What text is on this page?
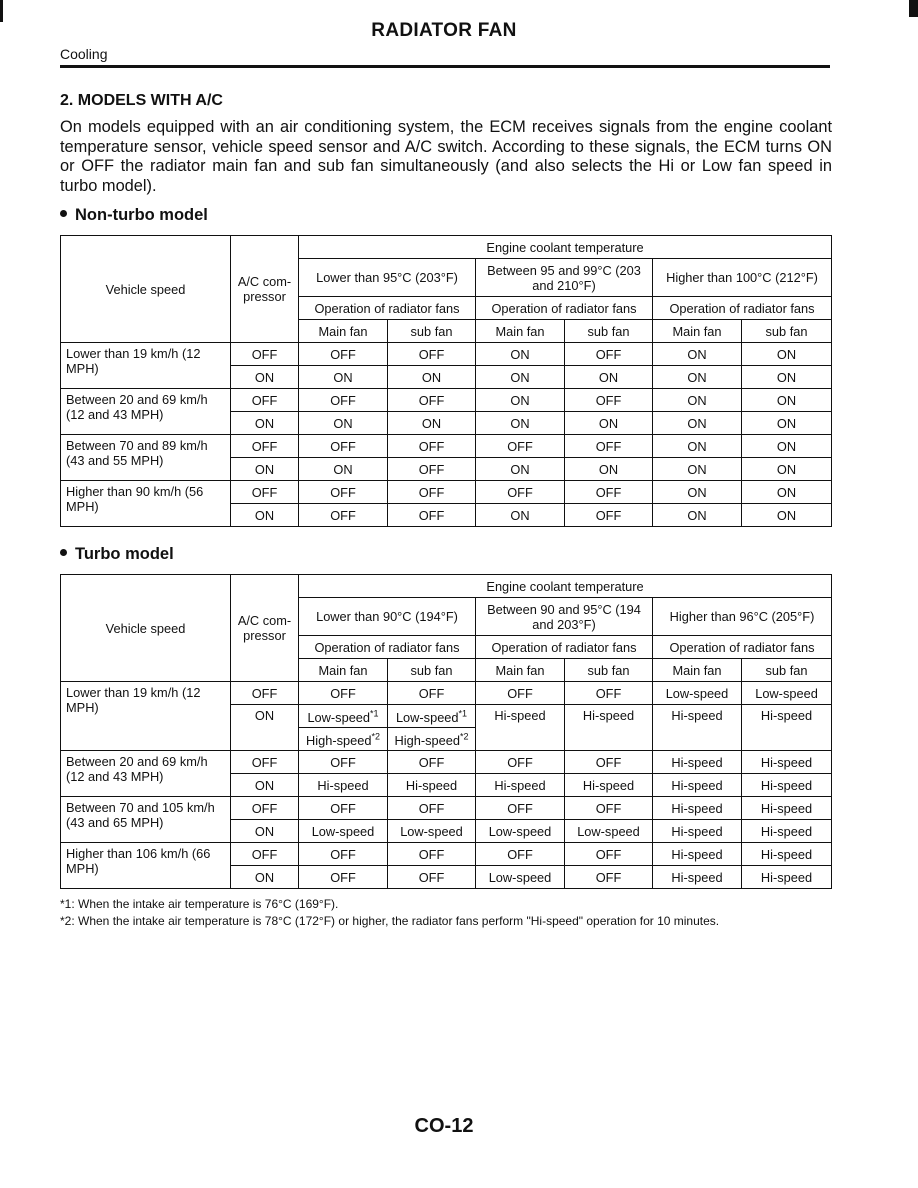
RADIATOR FAN
Cooling
2. MODELS WITH A/C

On models equipped with an air conditioning system, the ECM receives signals from the engine coolant temperature sensor, vehicle speed sensor and A/C switch. According to these signals, the ECM turns ON or OFF the radiator main fan and sub fan simultaneously (and also selects the Hi or Low fan speed in turbo model).

Non-turbo model
Vehicle speed	A/C com-pressor	Engine coolant temperature					
		Lower than 95°C (203°F)		Between 95 and 99°C (203 and 210°F)		Higher than 100°C (212°F)	
		Operation of radiator fans		Operation of radiator fans		Operation of radiator fans	
		Main fan	sub fan	Main fan	sub fan	Main fan	sub fan
Lower than 19 km/h (12 MPH)	OFF	OFF	OFF	ON	OFF	ON	ON
	ON	ON	ON	ON	ON	ON	ON
Between 20 and 69 km/h (12 and 43 MPH)	OFF	OFF	OFF	ON	OFF	ON	ON
	ON	ON	ON	ON	ON	ON	ON
Between 70 and 89 km/h (43 and 55 MPH)	OFF	OFF	OFF	OFF	OFF	ON	ON
	ON	ON	OFF	ON	ON	ON	ON
Higher than 90 km/h (56 MPH)	OFF	OFF	OFF	OFF	OFF	ON	ON
	ON	OFF	OFF	ON	OFF	ON	ON
Turbo model
Vehicle speed	A/C com-pressor	Engine coolant temperature					
		Lower than 90°C (194°F)		Between 90 and 95°C (194 and 203°F)		Higher than 96°C (205°F)	
		Operation of radiator fans		Operation of radiator fans		Operation of radiator fans	
		Main fan	sub fan	Main fan	sub fan	Main fan	sub fan
Lower than 19 km/h (12 MPH)	OFF	OFF	OFF	OFF	OFF	Low-speed	Low-speed
	ON	Low-speed$^{*1}$	Low-speed$^{*1}$	Hi-speed	Hi-speed	Hi-speed	Hi-speed
		High-speed$^{*2}$	High-speed$^{*2}$
Between 20 and 69 km/h (12 and 43 MPH)	OFF	OFF	OFF	OFF	OFF	Hi-speed	Hi-speed
	ON	Hi-speed	Hi-speed	Hi-speed	Hi-speed	Hi-speed	Hi-speed
Between 70 and 105 km/h (43 and 65 MPH)	OFF	OFF	OFF	OFF	OFF	Hi-speed	Hi-speed
	ON	Low-speed	Low-speed	Low-speed	Low-speed	Hi-speed	Hi-speed
Higher than 106 km/h (66 MPH)	OFF	OFF	OFF	OFF	OFF	Hi-speed	Hi-speed
	ON	OFF	OFF	Low-speed	OFF	Hi-speed	Hi-speed
*1: When the intake air temperature is 76°C (169°F).
*2: When the intake air temperature is 78°C (172°F) or higher, the radiator fans perform "Hi-speed" operation for 10 minutes.
CO-12
